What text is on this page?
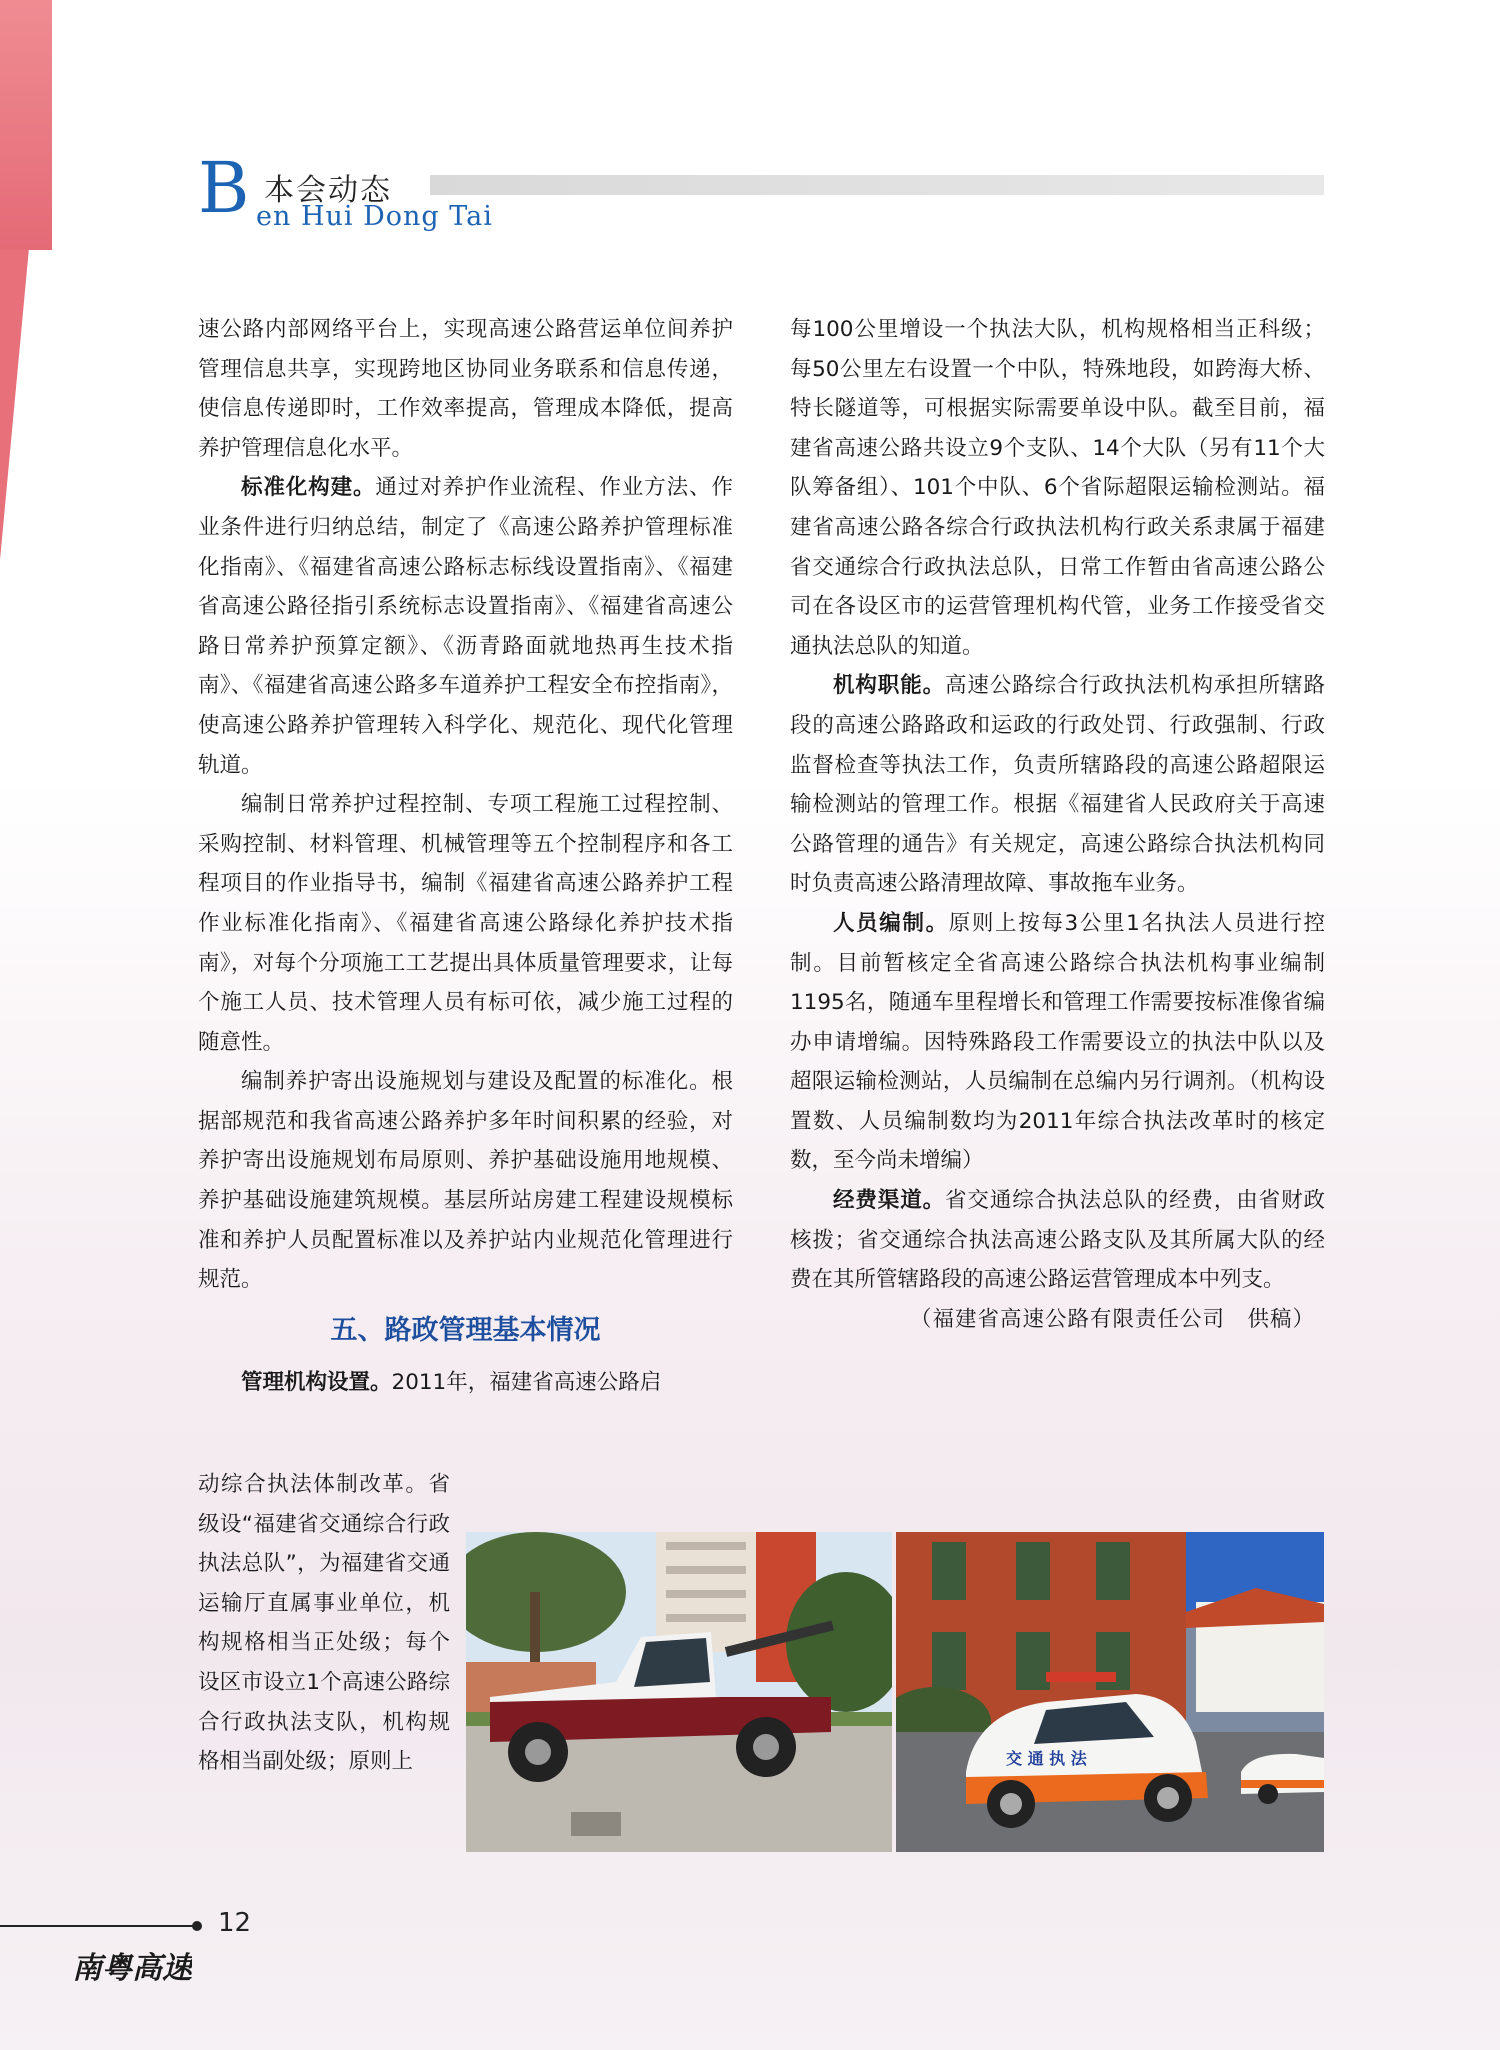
B 本会动态
en Hui Dong Tai

速公路内部网络平台上，实现高速公路营运单位间养护管理信息共享，实现跨地区协同业务联系和信息传递，使信息传递即时，工作效率提高，管理成本降低，提高养护管理信息化水平。

标准化构建。通过对养护作业流程、作业方法、作业条件进行归纳总结，制定了《高速公路养护管理标准化指南》、《福建省高速公路标志标线设置指南》、《福建省高速公路径指引系统标志设置指南》、《福建省高速公路日常养护预算定额》、《沥青路面就地热再生技术指南》、《福建省高速公路多车道养护工程安全布控指南》，使高速公路养护管理转入科学化、规范化、现代化管理轨道。

编制日常养护过程控制、专项工程施工过程控制、采购控制、材料管理、机械管理等五个控制程序和各工程项目的作业指导书，编制《福建省高速公路养护工程作业标准化指南》、《福建省高速公路绿化养护技术指南》，对每个分项施工工艺提出具体质量管理要求，让每个施工人员、技术管理人员有标可依，减少施工过程的随意性。

编制养护寄出设施规划与建设及配置的标准化。根据部规范和我省高速公路养护多年时间积累的经验，对养护寄出设施规划布局原则、养护基础设施用地规模、养护基础设施建筑规模。基层所站房建工程建设规模标准和养护人员配置标准以及养护站内业规范化管理进行规范。

五、路政管理基本情况

管理机构设置。2011年，福建省高速公路启

动综合执法体制改革。省级设“福建省交通综合行政执法总队”，为福建省交通运输厅直属事业单位，机构规格相当正处级；每个设区市设立1个高速公路综合行政执法支队，机构规格相当副处级；原则上

每100公里增设一个执法大队，机构规格相当正科级；每50公里左右设置一个中队，特殊地段，如跨海大桥、特长隧道等，可根据实际需要单设中队。截至目前，福建省高速公路共设立9个支队、14个大队（另有11个大队筹备组）、101个中队、6个省际超限运输检测站。福建省高速公路各综合行政执法机构行政关系隶属于福建省交通综合行政执法总队，日常工作暂由省高速公路公司在各设区市的运营管理机构代管，业务工作接受省交通执法总队的知道。

机构职能。高速公路综合行政执法机构承担所辖路段的高速公路路政和运政的行政处罚、行政强制、行政监督检查等执法工作，负责所辖路段的高速公路超限运输检测站的管理工作。根据《福建省人民政府关于高速公路管理的通告》有关规定，高速公路综合执法机构同时负责高速公路清理故障、事故拖车业务。

人员编制。原则上按每3公里1名执法人员进行控制。目前暂核定全省高速公路综合执法机构事业编制1195名，随通车里程增长和管理工作需要按标准像省编办申请增编。因特殊路段工作需要设立的执法中队以及超限运输检测站，人员编制在总编内另行调剂。（机构设置数、人员编制数均为2011年综合执法改革时的核定数，至今尚未增编）

经费渠道。省交通综合执法总队的经费，由省财政核拨；省交通综合执法高速公路支队及其所属大队的经费在其所管辖路段的高速公路运营管理成本中列支。

（福建省高速公路有限责任公司　供稿）

交 通 执 法
12
南粤高速
